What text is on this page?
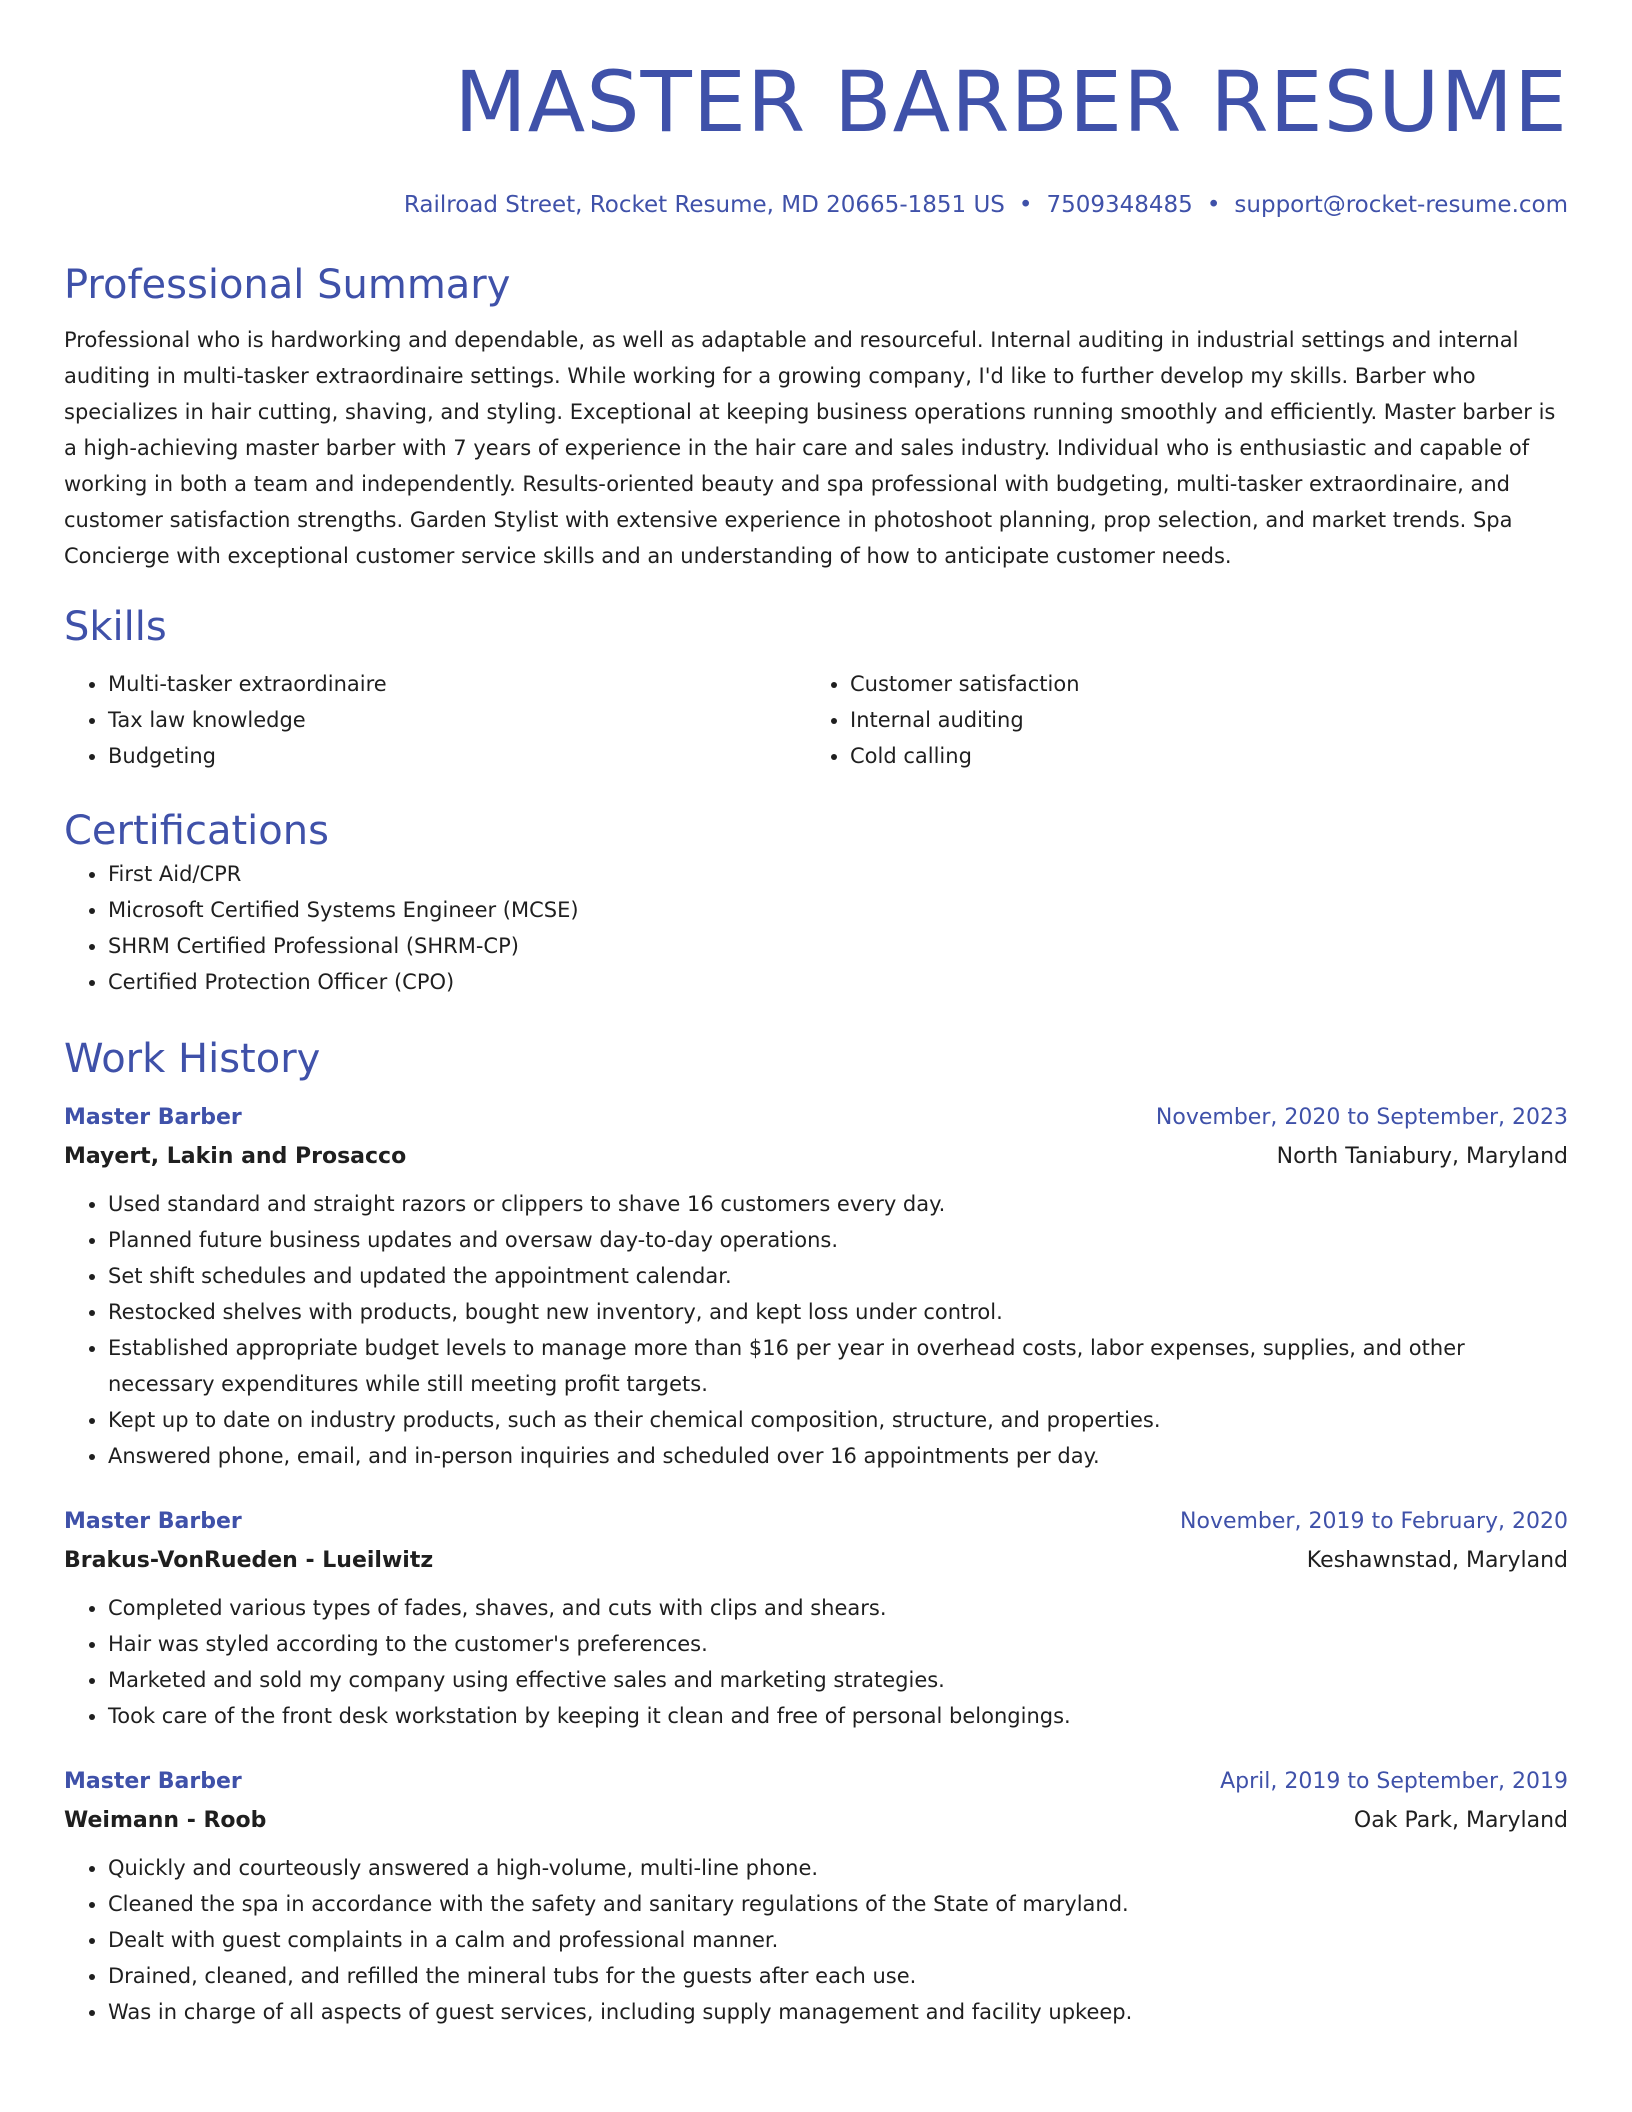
MASTER BARBER RESUME
Railroad Street, Rocket Resume, MD 20665-1851 US • 7509348485 • support@rocket-resume.com
Professional Summary
Professional who is hardworking and dependable, as well as adaptable and resourceful. Internal auditing in industrial settings and internal auditing in multi-tasker extraordinaire settings. While working for a growing company, I'd like to further develop my skills. Barber who specializes in hair cutting, shaving, and styling. Exceptional at keeping business operations running smoothly and efficiently. Master barber is a high-achieving master barber with 7 years of experience in the hair care and sales industry. Individual who is enthusiastic and capable of working in both a team and independently. Results-oriented beauty and spa professional with budgeting, multi-tasker extraordinaire, and customer satisfaction strengths. Garden Stylist with extensive experience in photoshoot planning, prop selection, and market trends. Spa Concierge with exceptional customer service skills and an understanding of how to anticipate customer needs.
Skills
• Multi-tasker extraordinaire
• Tax law knowledge
• Budgeting
• Customer satisfaction
• Internal auditing
• Cold calling
Certifications
• First Aid/CPR
• Microsoft Certified Systems Engineer (MCSE)
• SHRM Certified Professional (SHRM-CP)
• Certified Protection Officer (CPO)
Work History
Master Barber	November, 2020 to September, 2023
Mayert, Lakin and Prosacco	North Taniabury, Maryland
• Used standard and straight razors or clippers to shave 16 customers every day.
• Planned future business updates and oversaw day-to-day operations.
• Set shift schedules and updated the appointment calendar.
• Restocked shelves with products, bought new inventory, and kept loss under control.
• Established appropriate budget levels to manage more than $16 per year in overhead costs, labor expenses, supplies, and other necessary expenditures while still meeting profit targets.
• Kept up to date on industry products, such as their chemical composition, structure, and properties.
• Answered phone, email, and in-person inquiries and scheduled over 16 appointments per day.
Master Barber	November, 2019 to February, 2020
Brakus-VonRueden - Lueilwitz	Keshawnstad, Maryland
• Completed various types of fades, shaves, and cuts with clips and shears.
• Hair was styled according to the customer's preferences.
• Marketed and sold my company using effective sales and marketing strategies.
• Took care of the front desk workstation by keeping it clean and free of personal belongings.
Master Barber	April, 2019 to September, 2019
Weimann - Roob	Oak Park, Maryland
• Quickly and courteously answered a high-volume, multi-line phone.
• Cleaned the spa in accordance with the safety and sanitary regulations of the State of maryland.
• Dealt with guest complaints in a calm and professional manner.
• Drained, cleaned, and refilled the mineral tubs for the guests after each use.
• Was in charge of all aspects of guest services, including supply management and facility upkeep.
